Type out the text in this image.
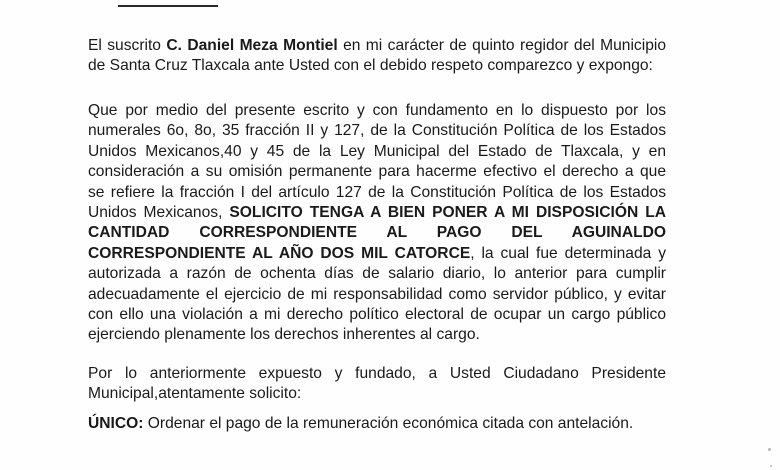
El suscrito C. Daniel Meza Montiel en mi carácter de quinto regidor del Municipio
de Santa Cruz Tlaxcala ante Usted con el debido respeto comparezco y expongo:
Que por medio del presente escrito y con fundamento en lo dispuesto por los
numerales 6o, 8o, 35 fracción II y 127, de la Constitución Política de los Estados
Unidos Mexicanos,40 y 45 de la Ley Municipal del Estado de Tlaxcala, y en
consideración a su omisión permanente para hacerme efectivo el derecho a que
se refiere la fracción I del artículo 127 de la Constitución Política de los Estados
Unidos Mexicanos, SOLICITO TENGA A BIEN PONER A MI DISPOSICIÓN LA
CANTIDAD CORRESPONDIENTE AL PAGO DEL AGUINALDO
CORRESPONDIENTE AL AÑO DOS MIL CATORCE, la cual fue determinada y
autorizada a razón de ochenta días de salario diario, lo anterior para cumplir
adecuadamente el ejercicio de mi responsabilidad como servidor público, y evitar
con ello una violación a mi derecho político electoral de ocupar un cargo público
ejerciendo plenamente los derechos inherentes al cargo.
Por lo anteriormente expuesto y fundado, a Usted Ciudadano Presidente
Municipal,atentamente solicito:
ÚNICO: Ordenar el pago de la remuneración económica citada con antelación.
